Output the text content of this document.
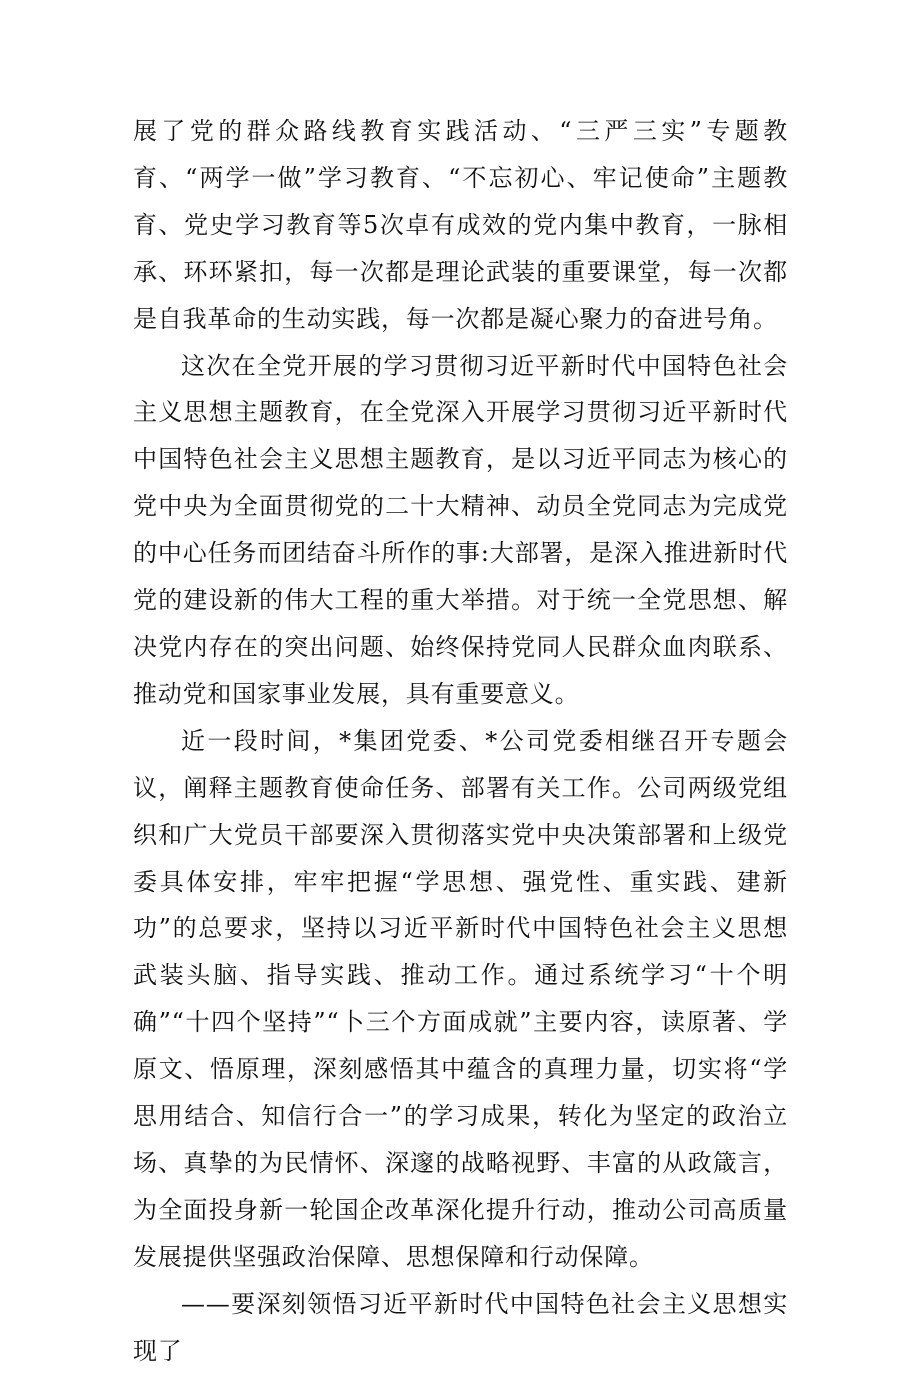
展了党的群众路线教育实践活动、“三严三实”专题教育、“两学一做”学习教育、“不忘初心、牢记使命”主题教育、党史学习教育等5次卓有成效的党内集中教育，一脉相承、环环紧扣，每一次都是理论武装的重要课堂，每一次都是自我革命的生动实践，每一次都是凝心聚力的奋进号角。

这次在全党开展的学习贯彻习近平新时代中国特色社会主义思想主题教育，在全党深入开展学习贯彻习近平新时代中国特色社会主义思想主题教育，是以习近平同志为核心的党中央为全面贯彻党的二十大精神、动员全党同志为完成党的中心任务而团结奋斗所作的事:大部署，是深入推进新时代党的建设新的伟大工程的重大举措。对于统一全党思想、解决党内存在的突出问题、始终保持党同人民群众血肉联系、推动党和国家事业发展，具有重要意义。

近一段时间，*集团党委、*公司党委相继召开专题会议，阐释主题教育使命任务、部署有关工作。公司两级党组织和广大党员干部要深入贯彻落实党中央决策部署和上级党委具体安排，牢牢把握“学思想、强党性、重实践、建新功”的总要求，坚持以习近平新时代中国特色社会主义思想武装头脑、指导实践、推动工作。通过系统学习“十个明确”“十四个坚持”“卜三个方面成就”主要内容，读原著、学原文、悟原理，深刻感悟其中蕴含的真理力量，切实将“学思用结合、知信行合一”的学习成果，转化为坚定的政治立场、真挚的为民情怀、深邃的战略视野、丰富的从政箴言，为全面投身新一轮国企改革深化提升行动，推动公司高质量发展提供坚强政治保障、思想保障和行动保障。

——要深刻领悟习近平新时代中国特色社会主义思想实现了
